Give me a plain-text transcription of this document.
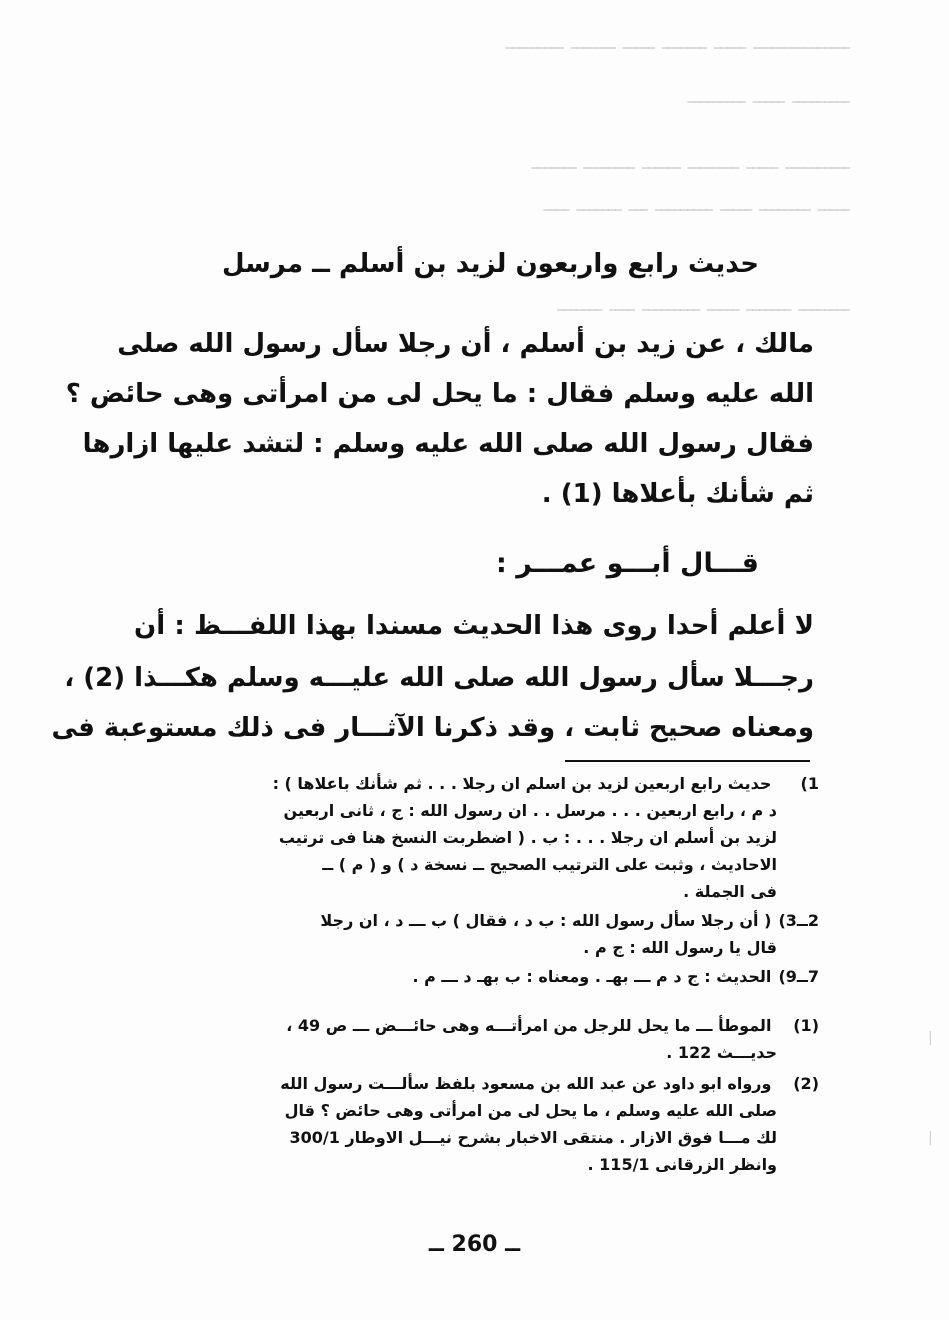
ـــــــــــــــ ـــــ ـــــــ ـــــ ـــــــ ـــــــــ
ـــــــــ ـــــ ـــــــــ
ــــــــــ ـــــ ــــــــ ــــــ ــــــــ ـــــــ
ـــــ ــــــــ ـــــ ـــــــــ ـــ ـــــــ ــــ
ــــــــ ـــــــ ـــــ ـــــــــ ــــ ـــــــ
حديث رابع واربعون لزيد بن أسلم ــ مرسل
مالك ، عن زيد بن أسلم ، أن رجلا سأل رسول الله صلى
الله عليه وسلم فقال : ما يحل لى من امرأتى وهى حائض ؟
فقال رسول الله صلى الله عليه وسلم : لتشد عليها ازارها
ثم شأنك بأعلاها (1) .
قـــال أبـــو عمـــر :
لا أعلم أحدا روى هذا الحديث مسندا بهذا اللفـــظ : أن
رجـــلا سأل رسول الله صلى الله عليـــه وسلم هكـــذا (2) ،
ومعناه صحيح ثابت ، وقد ذكرنا الآثـــار فى ذلك مستوعبة فى
1) حديث رابع اربعين لزيد بن اسلم ان رجلا . . . ثم شأنك باعلاها ) :
د م ، رابع اربعين . . . مرسل . . ان رسول الله : ج ، ثانى اربعين
لزيد بن أسلم ان رجلا . . . : ب . ( اضطربت النسخ هنا فى ترتيب
الاحاديث ، وثبت على الترتيب الصحيح ــ نسخة د ) و ( م ) ــ
فى الجملة .
2ــ3) ( أن رجلا سأل رسول الله : ب د ، فقال ) ب ـــ د ، ان رجلا
قال يا رسول الله : ج م .
7ــ9) الحديث : ج د م ـــ بهـ . ومعناه : ب بهـ د ـــ م .
(1) الموطأ ـــ ما يحل للرجل من امرأتـــه وهى حائـــض ـــ ص 49 ،
حديـــث 122 .
(2) ورواه ابو داود عن عبد الله بن مسعود بلفظ سألـــت رسول الله
صلى الله عليه وسلم ، ما يحل لى من امرأتى وهى حائض ؟ قال
لك مـــا فوق الازار . منتقى الاخبار بشرح نيـــل الاوطار 300/1
وانظر الزرقانى 115/1 .
|
|
ــ 260 ــ
